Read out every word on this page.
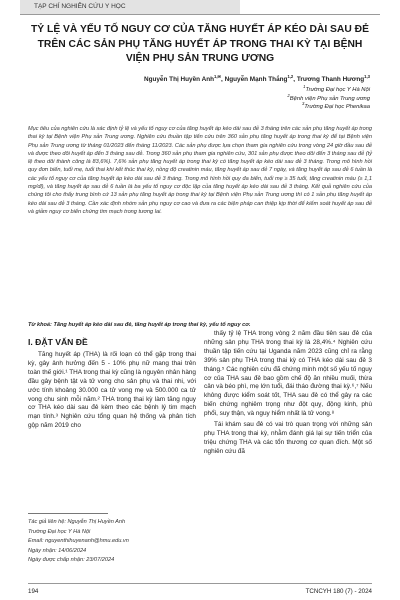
TẠP CHÍ NGHIÊN CỨU Y HỌC
TỶ LỆ VÀ YẾU TỐ NGUY CƠ CỦA TĂNG HUYẾT ÁP KÉO DÀI SAU ĐẺ TRÊN CÁC SẢN PHỤ TĂNG HUYẾT ÁP TRONG THAI KỲ TẠI BỆNH VIỆN PHỤ SẢN TRUNG ƯƠNG
Nguyễn Thị Huyền Anh$^{1,✉}$, Nguyễn Mạnh Thắng$^{1,2}$, Trương Thanh Hương$^{1,3}$
$^1$Trường Đại học Y Hà Nội
$^2$Bệnh viện Phụ sản Trung ương
$^3$Trường Đại học Phenikaa
Mục tiêu của nghiên cứu là xác định tỷ lệ và yếu tố nguy cơ của tăng huyết áp kéo dài sau đẻ 3 tháng trên các sản phụ tăng huyết áp trong thai kỳ tại Bệnh viện Phụ sản Trung ương. Nghiên cứu thuần tập tiến cứu trên 360 sản phụ tăng huyết áp trong thai kỳ để tại Bệnh viện Phụ sản Trung ương từ tháng 01/2023 đến tháng 11/2023. Các sản phụ được lựa chọn tham gia nghiên cứu trong vòng 24 giờ đầu sau đẻ và được theo dõi huyết áp đến 3 tháng sau đẻ. Trong 360 sản phụ tham gia nghiên cứu, 301 sản phụ được theo dõi đến 3 tháng sau đẻ (tỷ lệ theo dõi thành công là 83,6%). 7,6% sản phụ tăng huyết áp trong thai kỳ có tăng huyết áp kéo dài sau đẻ 3 tháng. Trong mô hình hồi quy đơn biến, tuổi mẹ, tuổi thai khi kết thúc thai kỳ, nồng độ creatinin máu, tăng huyết áp sau đẻ 7 ngày, và tăng huyết áp sau đẻ 6 tuần là các yếu tố nguy cơ của tăng huyết áp kéo dài sau đẻ 3 tháng. Trong mô hình hồi quy đa biến, tuổi mẹ ≥ 35 tuổi, tăng creatinin máu (≥ 1,1 mg/dl), và tăng huyết áp sau đẻ 6 tuần là ba yếu tố nguy cơ độc lập của tăng huyết áp kéo dài sau đẻ 3 tháng. Kết quả nghiên cứu của chúng tôi cho thấy trung bình cứ 13 sản phụ tăng huyết áp trong thai kỳ tại Bệnh viện Phụ sản Trung ương thì có 1 sản phụ tăng huyết áp kéo dài sau đẻ 3 tháng. Cần xác định nhóm sản phụ nguy cơ cao và đưa ra các biện pháp can thiệp kịp thời để kiểm soát huyết áp sau đẻ và giảm nguy cơ biến chứng tim mạch trong tương lai.
Từ khoá: Tăng huyết áp kéo dài sau đẻ, tăng huyết áp trong thai kỳ, yếu tố nguy cơ.
I. ĐẶT VẤN ĐỀ

Tăng huyết áp (THA) là rối loạn có thể gặp trong thai kỳ, gây ảnh hưởng đến 5 - 10% phụ nữ mang thai trên toàn thế giới.¹ THA trong thai kỳ cũng là nguyên nhân hàng đầu gây bệnh tật và tử vong cho sản phụ và thai nhi, với ước tính khoảng 30.000 ca tử vong mẹ và 500.000 ca tử vong chu sinh mỗi năm.² THA trong thai kỳ làm tăng nguy cơ THA kéo dài sau đẻ kèm theo các bệnh lý tim mạch mạn tính.³ Nghiên cứu tổng quan hệ thống và phân tích gộp năm 2019 cho

thấy tỷ lệ THA trong vòng 2 năm đầu tiên sau đẻ của những sản phụ THA trong thai kỳ là 28,4%.⁴ Nghiên cứu thuần tập tiến cứu tại Uganda năm 2023 cũng chỉ ra rằng 39% sản phụ THA trong thai kỳ có THA kéo dài sau đẻ 3 tháng.⁵ Các nghiên cứu đã chứng minh một số yếu tố nguy cơ của THA sau đẻ bao gồm chế độ ăn nhiều muối, thừa cân và béo phì, mẹ lớn tuổi, đái tháo đường thai kỳ.⁶,⁷ Nếu không được kiểm soát tốt, THA sau đẻ có thể gây ra các biến chứng nghiêm trọng như đột quỵ, động kinh, phù phổi, suy thận, và nguy hiểm nhất là tử vong.⁸

Tái khám sau đẻ có vai trò quan trọng với những sản phụ THA trong thai kỳ, nhằm đánh giá lại sự tiến triển của triệu chứng THA và các tổn thương cơ quan đích. Một số nghiên cứu đã

Tác giả liên hệ: Nguyễn Thị Huyền Anh
Trường Đại học Y Hà Nội
Email: nguyenthihuyenanh@hmu.edu.vn
Ngày nhận: 14/06/2024
Ngày được chấp nhận: 23/07/2024
194	TCNCYH 180 (7) - 2024
